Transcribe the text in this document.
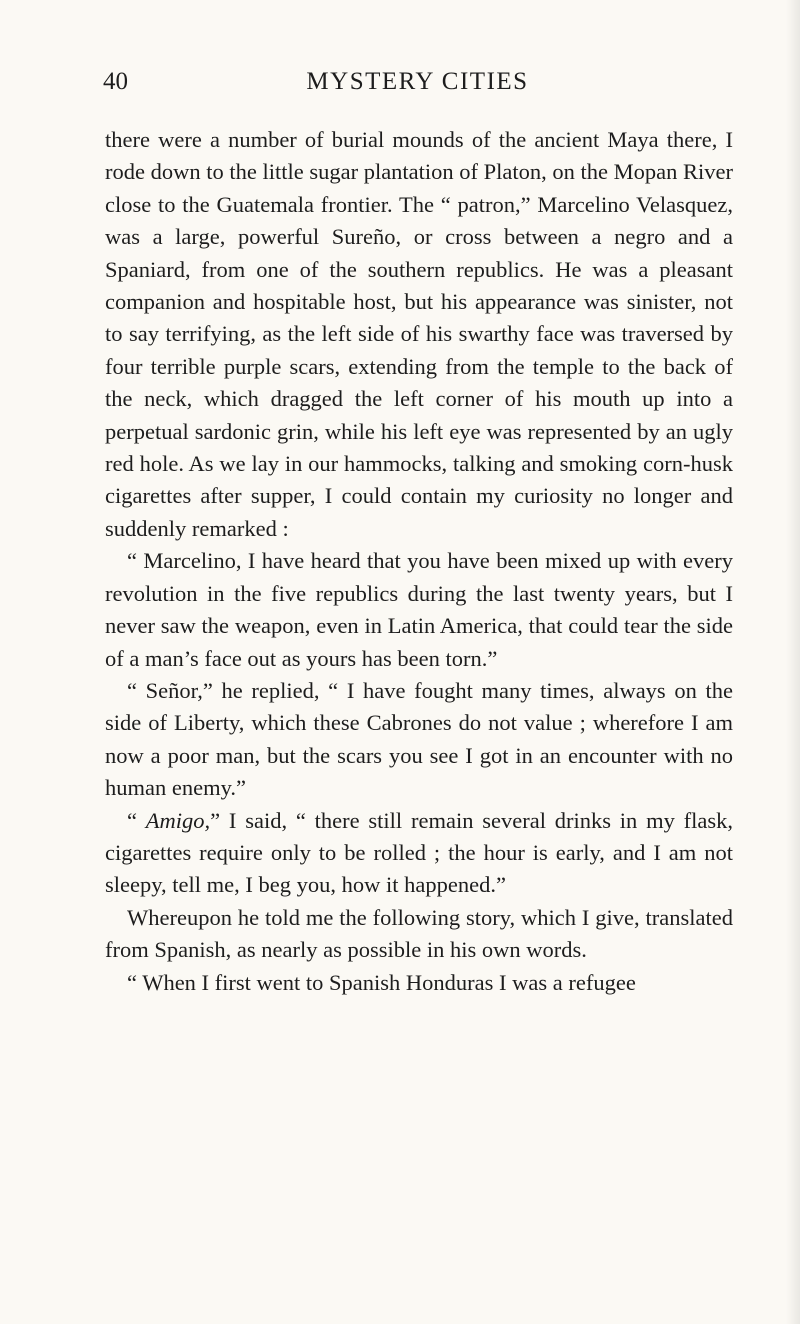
40	MYSTERY CITIES

there were a number of burial mounds of the ancient Maya there, I rode down to the little sugar plantation of Platon, on the Mopan River close to the Guatemala frontier. The “ patron,” Marcelino Velasquez, was a large, powerful Sureño, or cross between a negro and a Spaniard, from one of the southern republics. He was a pleasant companion and hospitable host, but his appearance was sinister, not to say terrifying, as the left side of his swarthy face was traversed by four terrible purple scars, extending from the temple to the back of the neck, which dragged the left corner of his mouth up into a perpetual sardonic grin, while his left eye was represented by an ugly red hole. As we lay in our hammocks, talking and smoking corn-husk cigarettes after supper, I could contain my curiosity no longer and suddenly remarked :

“ Marcelino, I have heard that you have been mixed up with every revolution in the five republics during the last twenty years, but I never saw the weapon, even in Latin America, that could tear the side of a man’s face out as yours has been torn.”

“ Señor,” he replied, “ I have fought many times, always on the side of Liberty, which these Cabrones do not value ; wherefore I am now a poor man, but the scars you see I got in an encounter with no human enemy.”

“ Amigo,” I said, “ there still remain several drinks in my flask, cigarettes require only to be rolled ; the hour is early, and I am not sleepy, tell me, I beg you, how it happened.”

Whereupon he told me the following story, which I give, translated from Spanish, as nearly as possible in his own words.

“ When I first went to Spanish Honduras I was a refugee
